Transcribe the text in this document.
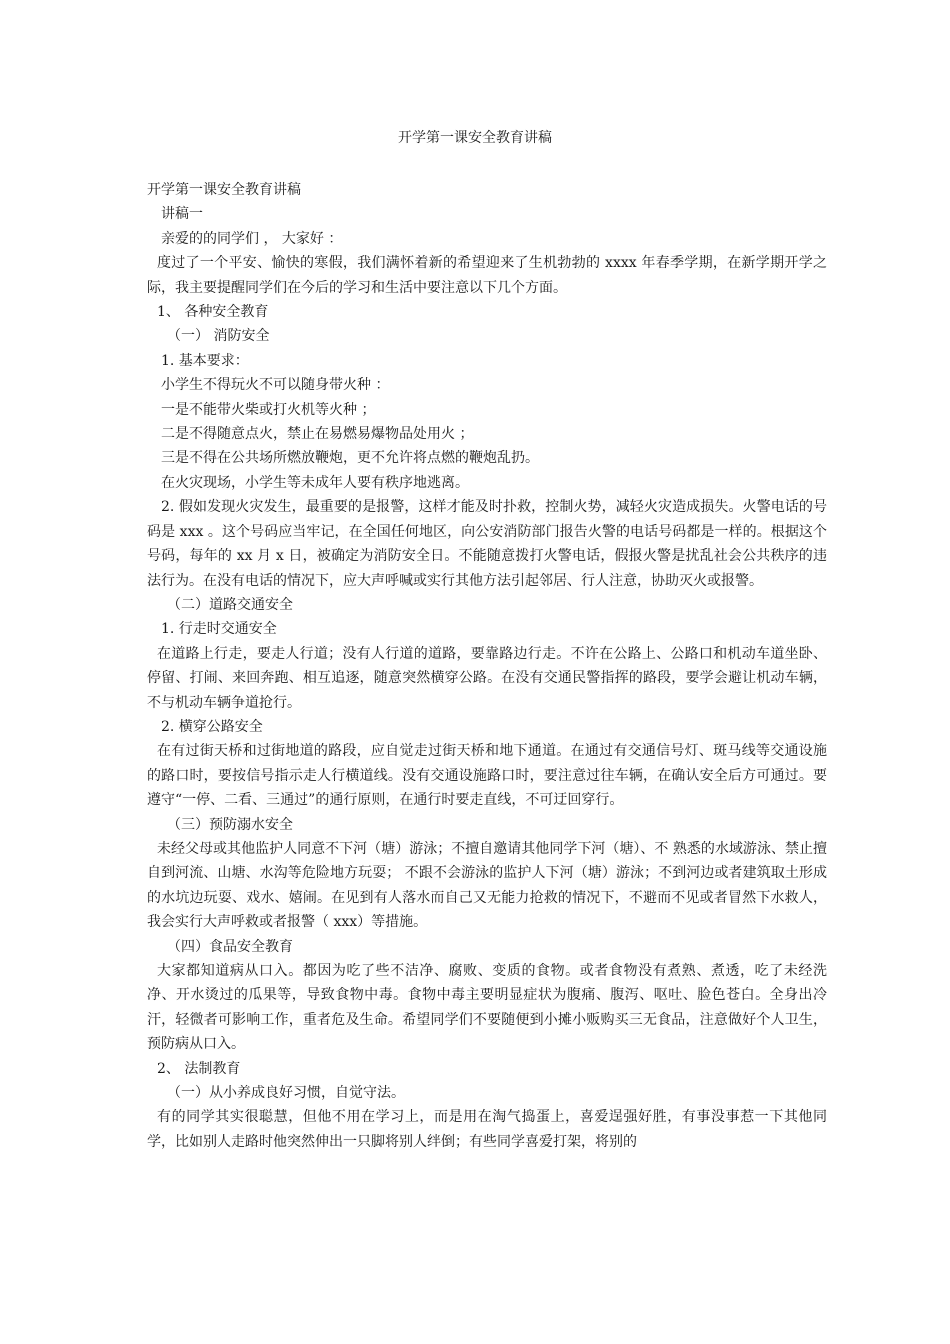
开学第一课安全教育讲稿

开学第一课安全教育讲稿

讲稿一

亲爱的的同学们 ， 大家好 ：

度过了一个平安、愉快的寒假，我们满怀着新的希望迎来了生机勃勃的 xxxx 年春季学期，在新学期开学之际，我主要提醒同学们在今后的学习和生活中要注意以下几个方面。

1、 各种安全教育

（一） 消防安全

1. 基本要求：

小学生不得玩火不可以随身带火种 ：

一是不能带火柴或打火机等火种 ；

二是不得随意点火，禁止在易燃易爆物品处用火 ；

三是不得在公共场所燃放鞭炮，更不允许将点燃的鞭炮乱扔。

在火灾现场，小学生等未成年人要有秩序地逃离。

2. 假如发现火灾发生，最重要的是报警，这样才能及时扑救，控制火势，减轻火灾造成损失。火警电话的号码是 xxx 。这个号码应当牢记，在全国任何地区，向公安消防部门报告火警的电话号码都是一样的。根据这个号码，每年的 xx 月 x 日，被确定为消防安全日。不能随意拨打火警电话，假报火警是扰乱社会公共秩序的违法行为。在没有电话的情况下，应大声呼喊或实行其他方法引起邻居、行人注意，协助灭火或报警。

（二）道路交通安全

1. 行走时交通安全

在道路上行走，要走人行道；没有人行道的道路，要靠路边行走。不许在公路上、公路口和机动车道坐卧、停留、打闹、来回奔跑、相互追逐，随意突然横穿公路。在没有交通民警指挥的路段，要学会避让机动车辆，不与机动车辆争道抢行。

2. 横穿公路安全

在有过街天桥和过街地道的路段，应自觉走过街天桥和地下通道。在通过有交通信号灯、斑马线等交通设施的路口时，要按信号指示走人行横道线。没有交通设施路口时，要注意过往车辆，在确认安全后方可通过。要遵守“一停、二看、三通过”的通行原则，在通行时要走直线，不可迂回穿行。

（三）预防溺水安全

未经父母或其他监护人同意不下河（塘）游泳；不擅自邀请其他同学下河（塘）、不 熟悉的水域游泳、禁止擅自到河流、山塘、水沟等危险地方玩耍； 不跟不会游泳的监护人下河（塘）游泳；不到河边或者建筑取土形成的水坑边玩耍、戏水、嬉闹。在见到有人落水而自己又无能力抢救的情况下，不避而不见或者冒然下水救人，我会实行大声呼救或者报警（ xxx）等措施。

（四）食品安全教育

大家都知道病从口入。都因为吃了些不洁净、腐败、变质的食物。或者食物没有煮熟、煮透，吃了未经洗净、开水烫过的瓜果等，导致食物中毒。食物中毒主要明显症状为腹痛、腹泻、呕吐、脸色苍白。全身出冷汗，轻微者可影响工作，重者危及生命。希望同学们不要随便到小摊小贩购买三无食品，注意做好个人卫生，预防病从口入。

2、 法制教育

（一）从小养成良好习惯，自觉守法。

有的同学其实很聪慧，但他不用在学习上，而是用在淘气捣蛋上，喜爱逞强好胜，有事没事惹一下其他同学，比如别人走路时他突然伸出一只脚将别人绊倒；有些同学喜爱打架，将别的
